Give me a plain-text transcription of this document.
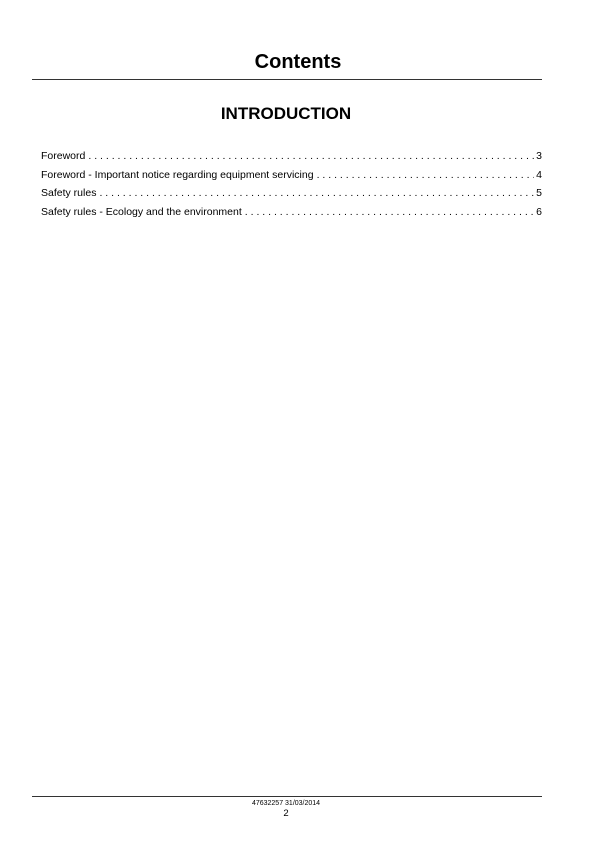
Contents
INTRODUCTION
Foreword . . .	3
Foreword - Important notice regarding equipment servicing . . .	4
Safety rules . . .	5
Safety rules - Ecology and the environment . . .	6
47632257 31/03/2014
2
